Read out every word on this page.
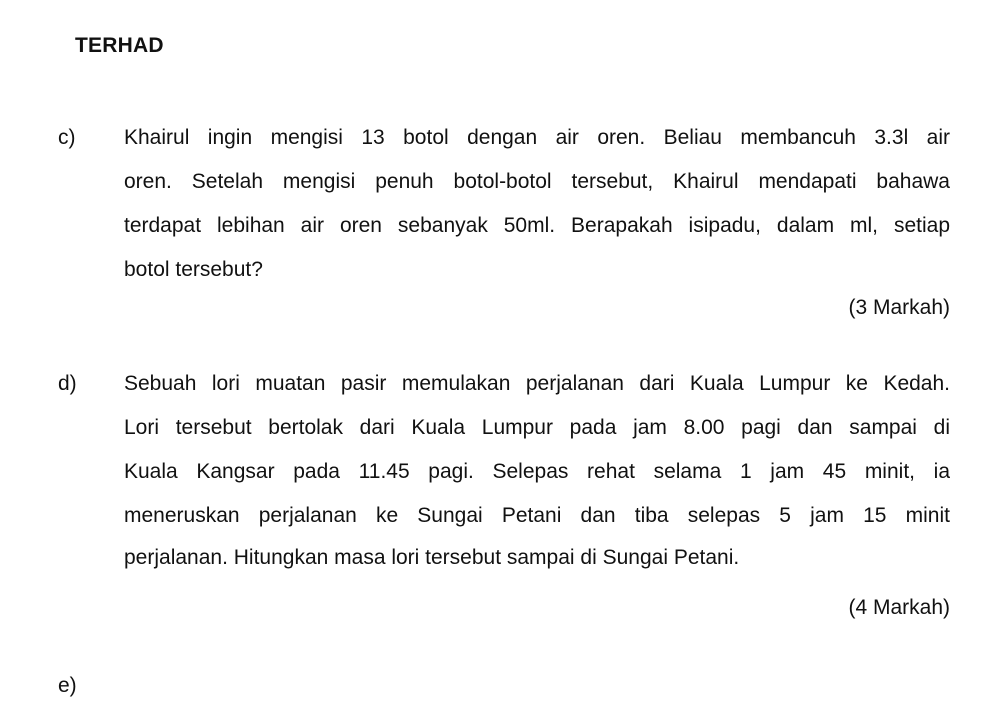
TERHAD
c) Khairul ingin mengisi 13 botol dengan air oren. Beliau membancuh 3.3l air
oren. Setelah mengisi penuh botol-botol tersebut, Khairul mendapati bahawa
terdapat lebihan air oren sebanyak 50ml. Berapakah isipadu, dalam ml, setiap
botol tersebut?
(3 Markah)
d) Sebuah lori muatan pasir memulakan perjalanan dari Kuala Lumpur ke Kedah.
Lori tersebut bertolak dari Kuala Lumpur pada jam 8.00 pagi dan sampai di
Kuala Kangsar pada 11.45 pagi. Selepas rehat selama 1 jam 45 minit, ia
meneruskan perjalanan ke Sungai Petani dan tiba selepas 5 jam 15 minit
perjalanan. Hitungkan masa lori tersebut sampai di Sungai Petani.
(4 Markah)
e)
